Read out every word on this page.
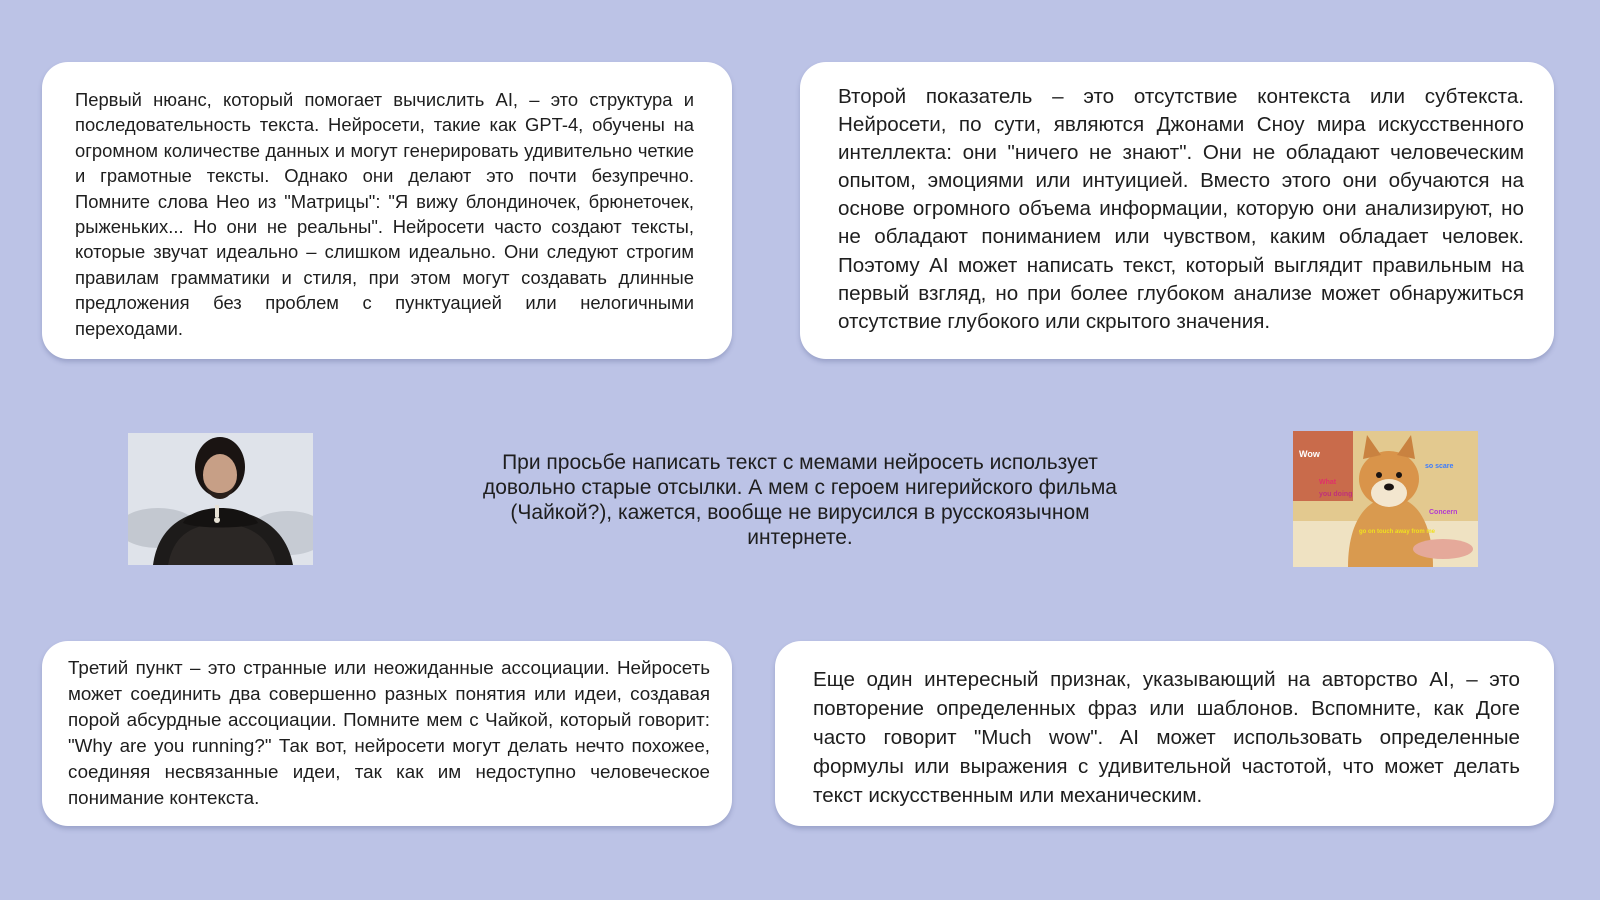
Первый нюанс, который помогает вычислить AI, – это структура и последовательность текста. Нейросети, такие как GPT-4, обучены на огромном количестве данных и могут генерировать удивительно четкие и грамотные тексты. Однако они делают это почти безупречно. Помните слова Нео из "Матрицы": "Я вижу блондиночек, брюнеточек, рыженьких... Но они не реальны". Нейросети часто создают тексты, которые звучат идеально – слишком идеально. Они следуют строгим правилам грамматики и стиля, при этом могут создавать длинные предложения без проблем с пунктуацией или нелогичными переходами.

Второй показатель – это отсутствие контекста или субтекста. Нейросети, по сути, являются Джонами Сноу мира искусственного интеллекта: они "ничего не знают". Они не обладают человеческим опытом, эмоциями или интуицией. Вместо этого они обучаются на основе огромного объема информации, которую они анализируют, но не обладают пониманием или чувством, каким обладает человек. Поэтому AI может написать текст, который выглядит правильным на первый взгляд, но при более глубоком анализе может обнаружиться отсутствие глубокого или скрытого значения.

При просьбе написать текст с мемами нейросеть использует довольно старые отсылки. А мем с героем нигерийского фильма (Чайкой?), кажется, вообще не вирусился в русскоязычном интернете.

Wow
so scare
What
you doing
Concern
go on touch away from me

Третий пункт – это странные или неожиданные ассоциации. Нейросеть может соединить два совершенно разных понятия или идеи, создавая порой абсурдные ассоциации. Помните мем с Чайкой, который говорит: "Why are you running?" Так вот, нейросети могут делать нечто похожее, соединяя несвязанные идеи, так как им недоступно человеческое понимание контекста.

Еще один интересный признак, указывающий на авторство AI, – это повторение определенных фраз или шаблонов. Вспомните, как Доге часто говорит "Much wow". AI может использовать определенные формулы или выражения с удивительной частотой, что может делать текст искусственным или механическим.
